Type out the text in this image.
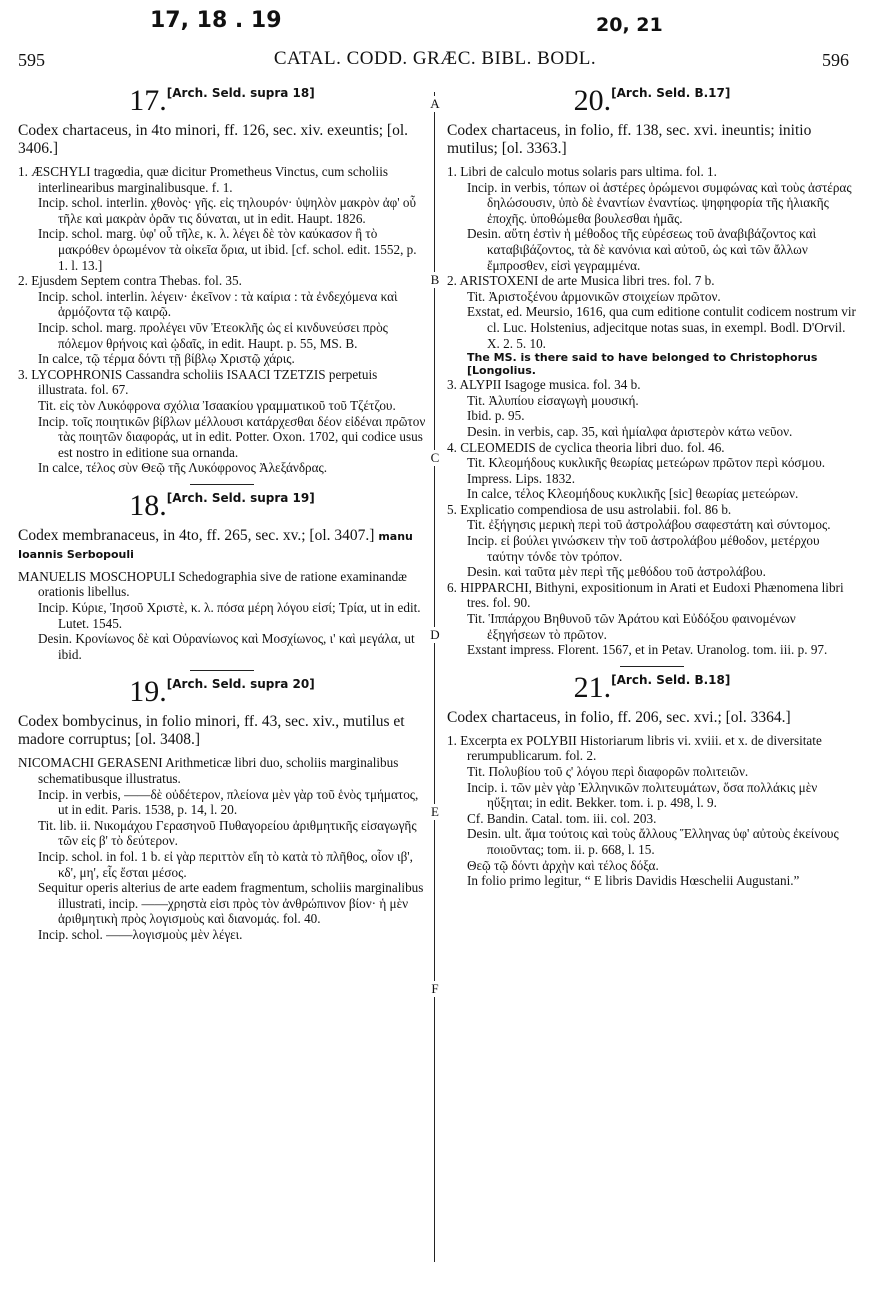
17, 18 . 19	20, 21
595	CATAL. CODD. GRÆC. BIBL. BODL.	596
A
B
C
D
E
F
17.[Arch. Seld. supra 18]

Codex chartaceus, in 4to minori, ff. 126, sec. xiv. exeuntis; [ol. 3406.]

1. ÆSCHYLI tragœdia, quæ dicitur Prometheus Vinctus, cum scholiis interlinearibus marginalibusque. f. 1.

Incip. schol. interlin. χθονὸς· γῆς. εἰς τηλουρόν· ὑψηλὸν μακρὸν ἀφ' οὗ τῆλε καὶ μακρὰν ὁρᾶν τις δύναται, ut in edit. Haupt. 1826.

Incip. schol. marg. ὑφ' οὗ τῆλε, κ. λ. λέγει δὲ τὸν καύκασον ἢ τὸ μακρόθεν ὁρωμένον τὰ οἰκεῖα ὅρια, ut ibid. [cf. schol. edit. 1552, p. 1. l. 13.]

2. Ejusdem Septem contra Thebas. fol. 35.

Incip. schol. interlin. λέγειν· ἐκεῖνον : τὰ καίρια : τὰ ἐνδεχόμενα καὶ ἁρμόζοντα τῷ καιρῷ.

Incip. schol. marg. προλέγει νῦν Ἐτεοκλῆς ὡς εἰ κινδυνεύσει πρὸς πόλεμον θρήνοις καὶ ᾠδαῖς, in edit. Haupt. p. 55, MS. B.

In calce, τῷ τέρμα δόντι τῇ βίβλῳ Χριστῷ χάρις.

3. LYCOPHRONIS Cassandra scholiis ISAACI TZETZIS perpetuis illustrata. fol. 67.

Tit. εἰς τὸν Λυκόφρονα σχόλια Ἰσαακίου γραμματικοῦ τοῦ Τζέτζου.

Incip. τοῖς ποιητικῶν βίβλων μέλλουσι κατάρχεσθαι δέον εἰδέναι πρῶτον τὰς ποιητῶν διαφοράς, ut in edit. Potter. Oxon. 1702, qui codice usus est nostro in editione sua ornanda.

In calce, τέλος σὺν Θεῷ τῆς Λυκόφρονος Ἀλεξάνδρας.

18.[Arch. Seld. supra 19]

Codex membranaceus, in 4to, ff. 265, sec. xv.; [ol. 3407.] manu Ioannis Serbopouli

MANUELIS MOSCHOPULI Schedographia sive de ratione examinandæ orationis libellus.

Incip. Κύριε, Ἰησοῦ Χριστὲ, κ. λ. πόσα μέρη λόγου εἰσί; Τρία, ut in edit. Lutet. 1545.

Desin. Κρονίωνος δὲ καὶ Οὐρανίωνος καὶ Μοσχίωνος, ι' καὶ μεγάλα, ut ibid.

19.[Arch. Seld. supra 20]

Codex bombycinus, in folio minori, ff. 43, sec. xiv., mutilus et madore corruptus; [ol. 3408.]

NICOMACHI GERASENI Arithmeticæ libri duo, scholiis marginalibus schematibusque illustratus.

Incip. in verbis, ——δὲ οὐδέτερον, πλείονα μὲν γὰρ τοῦ ἑνὸς τμήματος, ut in edit. Paris. 1538, p. 14, l. 20.

Tit. lib. ii. Νικομάχου Γερασηνοῦ Πυθαγορείου ἀριθμητικῆς εἰσαγωγῆς τῶν εἰς β' τὸ δεύτερον.

Incip. schol. in fol. 1 b. εἰ γὰρ περιττὸν εἴη τὸ κατὰ τὸ πλῆθος, οἷον ιβ', κδ', μη', εἷς ἔσται μέσος.

Sequitur operis alterius de arte eadem fragmentum, scholiis marginalibus illustrati, incip. ——χρηστὰ εἰσι πρὸς τὸν ἀνθρώπινον βίον· ἡ μὲν ἀριθμητικὴ πρὸς λογισμοὺς καὶ διανομάς. fol. 40.

Incip. schol. ——λογισμοὺς μὲν λέγει.

20.[Arch. Seld. B.17]

Codex chartaceus, in folio, ff. 138, sec. xvi. ineuntis; initio mutilus; [ol. 3363.]

1. Libri de calculo motus solaris pars ultima. fol. 1.

Incip. in verbis, τόπων οἱ ἀστέρες ὁρώμενοι συμφώνας καὶ τοὺς ἀστέρας δηλώσουσιν, ὑπὸ δὲ ἐναντίων ἐναντίως. ψηφηφορία τῆς ἡλιακῆς ἐποχῆς. ὑποθώμεθα βουλεσθαι ἡμᾶς.

Desin. αὕτη ἐστὶν ἡ μέθοδος τῆς εὑρέσεως τοῦ ἀναβιβάζοντος καὶ καταβιβάζοντος, τὰ δὲ κανόνια καὶ αὐτοῦ, ὡς καὶ τῶν ἄλλων ἔμπροσθεν, εἰσὶ γεγραμμένα.

2. ARISTOXENI de arte Musica libri tres. fol. 7 b.

Tit. Ἀριστοξένου ἁρμονικῶν στοιχείων πρῶτον.

Exstat, ed. Meursio, 1616, qua cum editione contulit codicem nostrum vir cl. Luc. Holstenius, adjecitque notas suas, in exempl. Bodl. D'Orvil. X. 2. 5. 10.

The MS. is there said to have belonged to Christophorus [Longolius.

3. ALYPII Isagoge musica. fol. 34 b.

Tit. Ἀλυπίου εἰσαγωγὴ μουσική.

Ibid. p. 95.

Desin. in verbis, cap. 35, καὶ ἡμίαλφα ἀριστερὸν κάτω νεῦον.

4. CLEOMEDIS de cyclica theoria libri duo. fol. 46.

Tit. Κλεομήδους κυκλικῆς θεωρίας μετεώρων πρῶτον περὶ κόσμου.

Impress. Lips. 1832.

In calce, τέλος Κλεομήδους κυκλικῆς [sic] θεωρίας μετεώρων.

5. Explicatio compendiosa de usu astrolabii. fol. 86 b.

Tit. ἐξήγησις μερικὴ περὶ τοῦ ἀστρολάβου σαφεστάτη καὶ σύντομος.

Incip. εἰ βούλει γινώσκειν τὴν τοῦ ἀστρολάβου μέθοδον, μετέρχου ταύτην τόνδε τὸν τρόπον.

Desin. καὶ ταῦτα μὲν περὶ τῆς μεθόδου τοῦ ἀστρολάβου.

6. HIPPARCHI, Bithyni, expositionum in Arati et Eudoxi Phænomena libri tres. fol. 90.

Tit. Ἱππάρχου Βηθυνοῦ τῶν Ἀράτου καὶ Εὐδόξου φαινομένων ἐξηγήσεων τὸ πρῶτον.

Exstant impress. Florent. 1567, et in Petav. Uranolog. tom. iii. p. 97.

21.[Arch. Seld. B.18]

Codex chartaceus, in folio, ff. 206, sec. xvi.; [ol. 3364.]

1. Excerpta ex POLYBII Historiarum libris vi. xviii. et x. de diversitate rerumpublicarum. fol. 2.

Tit. Πολυβίου τοῦ ς' λόγου περὶ διαφορῶν πολιτειῶν.

Incip. i. τῶν μὲν γὰρ Ἑλληνικῶν πολιτευμάτων, ὅσα πολλάκις μὲν ηὔξηται; in edit. Bekker. tom. i. p. 498, l. 9.

Cf. Bandin. Catal. tom. iii. col. 203.

Desin. ult. ἅμα τούτοις καὶ τοὺς ἄλλους Ἕλληνας ὑφ' αὐτοὺς ἐκείνους ποιοῦντας; tom. ii. p. 668, l. 15.

Θεῷ τῷ δόντι ἀρχὴν καὶ τέλος δόξα.

In folio primo legitur, “ E libris Davidis Hœschelii Augustani.”
